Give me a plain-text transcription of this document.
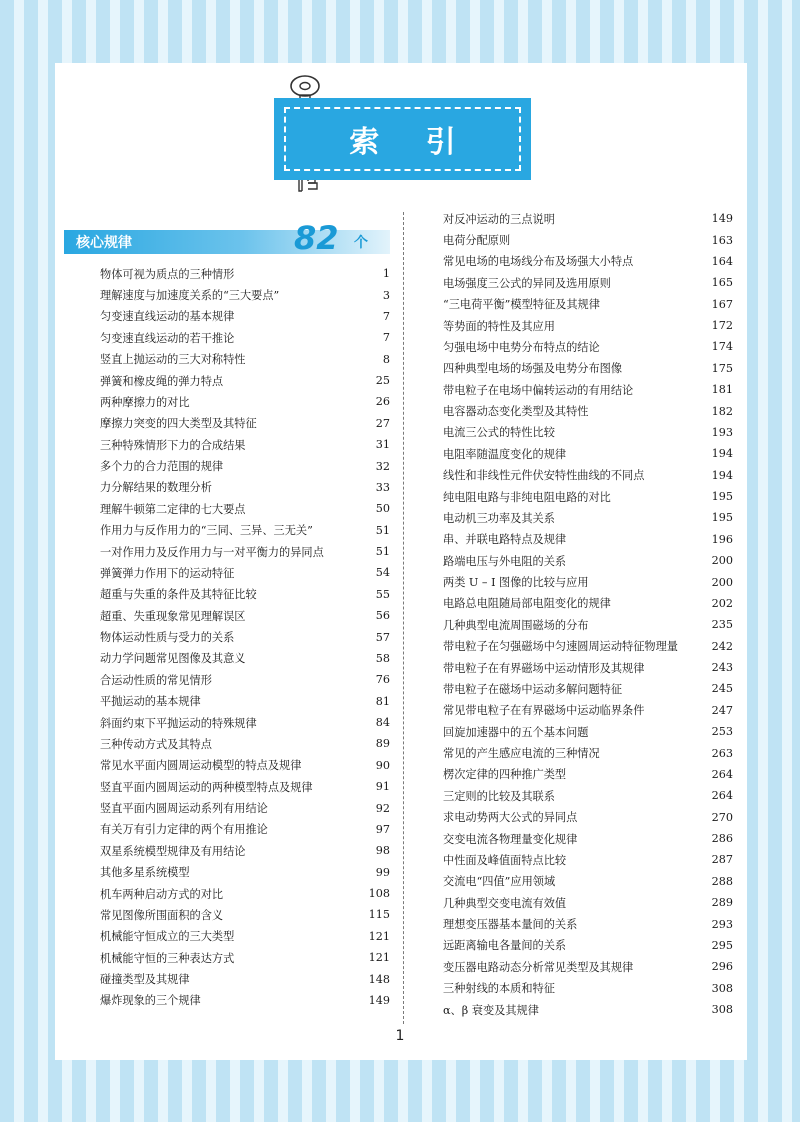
索 引
核心规律	82 个
物体可视为质点的三种情形	1
理解速度与加速度关系的“三大要点”	3
匀变速直线运动的基本规律	7
匀变速直线运动的若干推论	7
竖直上抛运动的三大对称特性	8
弹簧和橡皮绳的弹力特点	25
两种摩擦力的对比	26
摩擦力突变的四大类型及其特征	27
三种特殊情形下力的合成结果	31
多个力的合力范围的规律	32
力分解结果的数理分析	33
理解牛顿第二定律的七大要点	50
作用力与反作用力的“三同、三异、三无关”	51
一对作用力及反作用力与一对平衡力的异同点	51
弹簧弹力作用下的运动特征	54
超重与失重的条件及其特征比较	55
超重、失重现象常见理解误区	56
物体运动性质与受力的关系	57
动力学问题常见图像及其意义	58
合运动性质的常见情形	76
平抛运动的基本规律	81
斜面约束下平抛运动的特殊规律	84
三种传动方式及其特点	89
常见水平面内圆周运动模型的特点及规律	90
竖直平面内圆周运动的两种模型特点及规律	91
竖直平面内圆周运动系列有用结论	92
有关万有引力定律的两个有用推论	97
双星系统模型规律及有用结论	98
其他多星系统模型	99
机车两种启动方式的对比	108
常见图像所围面积的含义	115
机械能守恒成立的三大类型	121
机械能守恒的三种表达方式	121
碰撞类型及其规律	148
爆炸现象的三个规律	149
对反冲运动的三点说明	149
电荷分配原则	163
常见电场的电场线分布及场强大小特点	164
电场强度三公式的异同及选用原则	165
“三电荷平衡”模型特征及其规律	167
等势面的特性及其应用	172
匀强电场中电势分布特点的结论	174
四种典型电场的场强及电势分布图像	175
带电粒子在电场中偏转运动的有用结论	181
电容器动态变化类型及其特性	182
电流三公式的特性比较	193
电阻率随温度变化的规律	194
线性和非线性元件伏安特性曲线的不同点	194
纯电阻电路与非纯电阻电路的对比	195
电动机三功率及其关系	195
串、并联电路特点及规律	196
路端电压与外电阻的关系	200
两类 U – I 图像的比较与应用	200
电路总电阻随局部电阻变化的规律	202
几种典型电流周围磁场的分布	235
带电粒子在匀强磁场中匀速圆周运动特征物理量	242
带电粒子在有界磁场中运动情形及其规律	243
带电粒子在磁场中运动多解问题特征	245
常见带电粒子在有界磁场中运动临界条件	247
回旋加速器中的五个基本问题	253
常见的产生感应电流的三种情况	263
楞次定律的四种推广类型	264
三定则的比较及其联系	264
求电动势两大公式的异同点	270
交变电流各物理量变化规律	286
中性面及峰值面特点比较	287
交流电“四值”应用领域	288
几种典型交变电流有效值	289
理想变压器基本量间的关系	293
远距离输电各量间的关系	295
变压器电路动态分析常见类型及其规律	296
三种射线的本质和特征	308
α、β 衰变及其规律	308
1
